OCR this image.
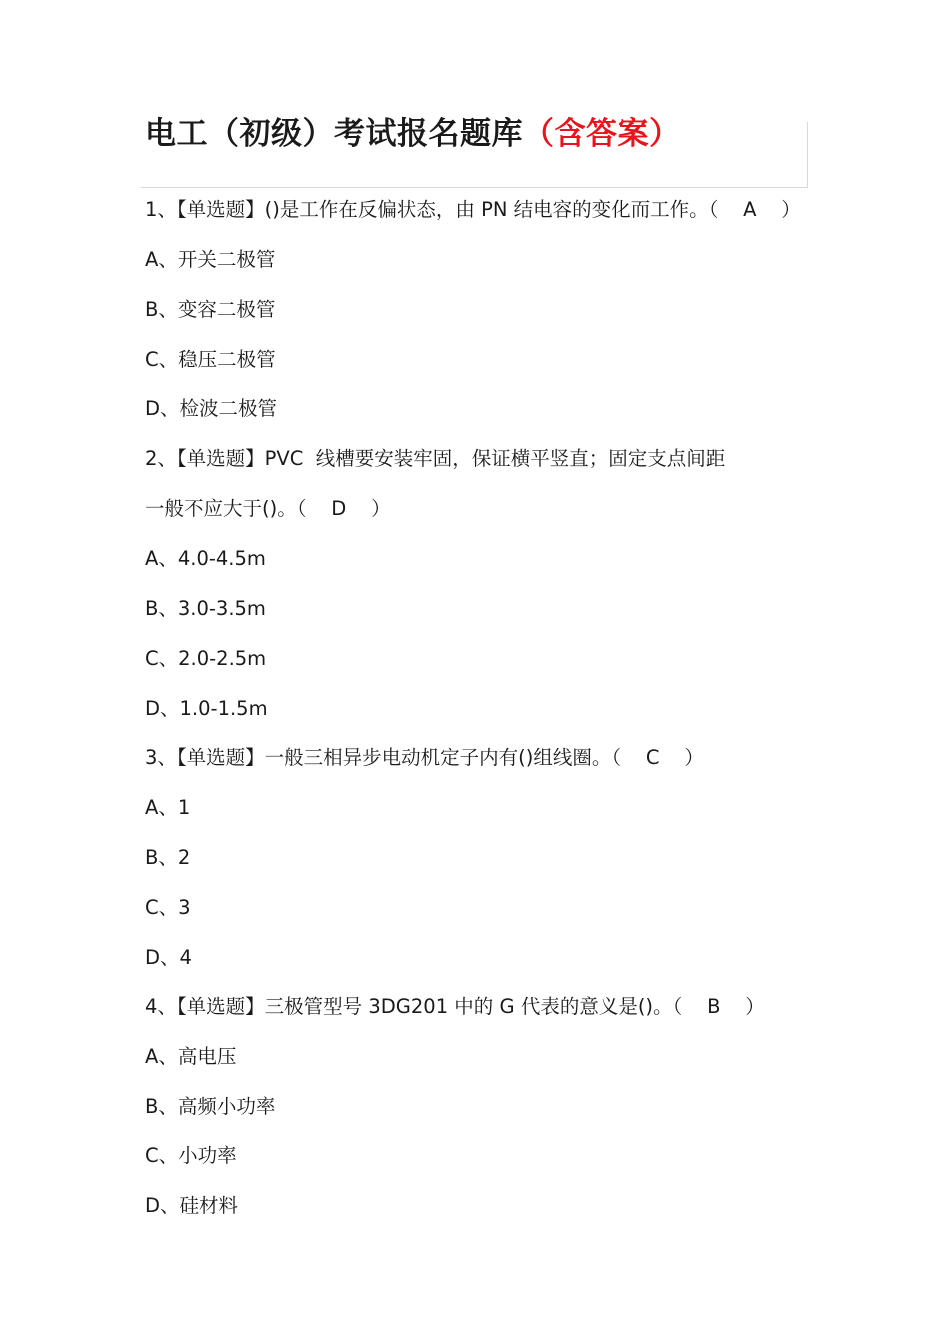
电工（初级）考试报名题库（含答案）
1、【单选题】()是工作在反偏状态，由 PN 结电容的变化而工作。（    A    ）
A、开关二极管
B、变容二极管
C、稳压二极管
D、检波二极管
2、【单选题】PVC  线槽要安装牢固，保证横平竖直；固定支点间距
一般不应大于()。（    D    ）
A、4.0-4.5m
B、3.0-3.5m
C、2.0-2.5m
D、1.0-1.5m
3、【单选题】一般三相异步电动机定子内有()组线圈。（    C    ）
A、1
B、2
C、3
D、4
4、【单选题】三极管型号 3DG201 中的 G 代表的意义是()。（    B    ）
A、高电压
B、高频小功率
C、小功率
D、硅材料
